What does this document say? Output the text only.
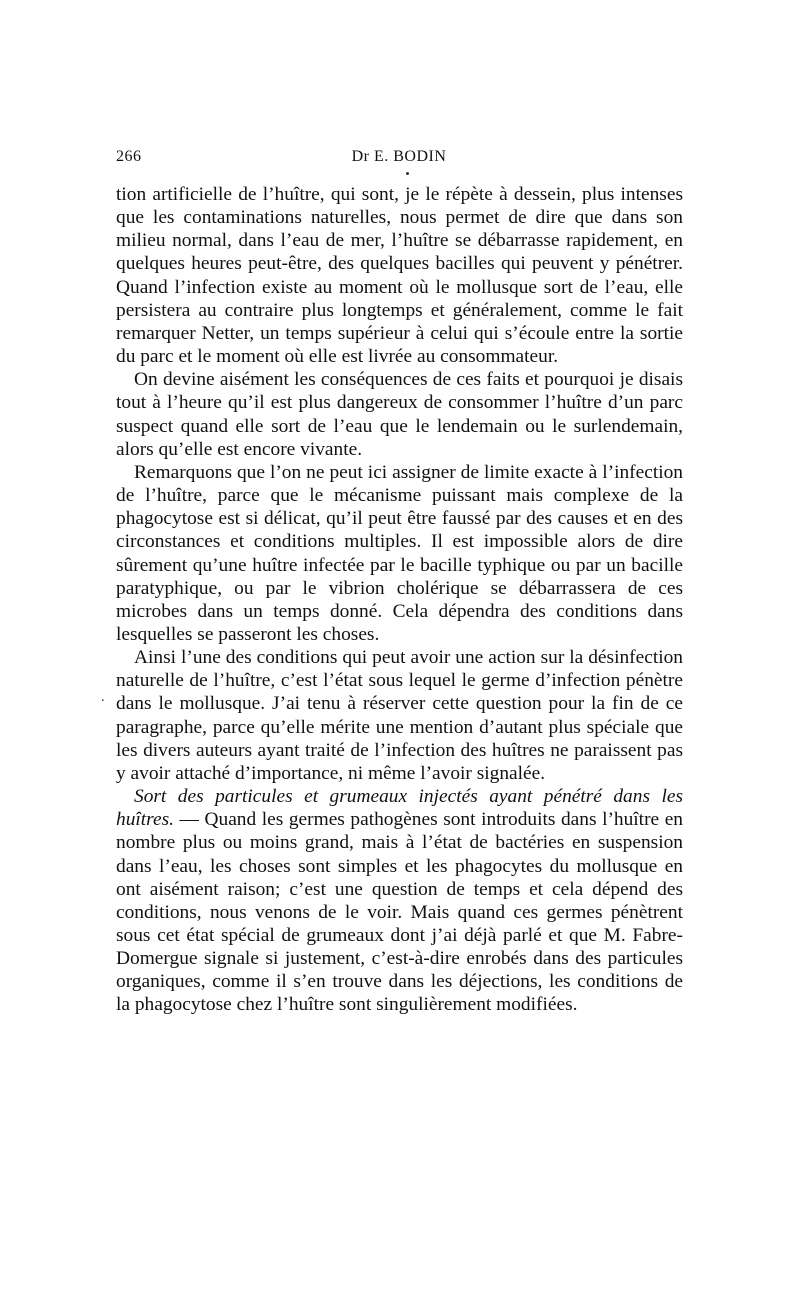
266	Dr E. BODIN
.

tion artificielle de l’huître, qui sont, je le répète à dessein, plus intenses que les contaminations naturelles, nous permet de dire que dans son milieu normal, dans l’eau de mer, l’huître se débarrasse rapidement, en quelques heures peut-être, des quelques bacilles qui peuvent y pénétrer. Quand l’infection existe au moment où le mollusque sort de l’eau, elle persistera au contraire plus longtemps et généralement, comme le fait remarquer Netter, un temps supérieur à celui qui s’écoule entre la sortie du parc et le moment où elle est livrée au consommateur.

On devine aisément les conséquences de ces faits et pourquoi je disais tout à l’heure qu’il est plus dangereux de consommer l’huître d’un parc suspect quand elle sort de l’eau que le lendemain ou le surlendemain, alors qu’elle est encore vivante.

Remarquons que l’on ne peut ici assigner de limite exacte à l’infection de l’huître, parce que le mécanisme puissant mais complexe de la phagocytose est si délicat, qu’il peut être faussé par des causes et en des circonstances et conditions multiples. Il est impossible alors de dire sûrement qu’une huître infectée par le bacille typhique ou par un bacille paratyphique, ou par le vibrion cholérique se débarrassera de ces microbes dans un temps donné. Cela dépendra des conditions dans lesquelles se passeront les choses.

Ainsi l’une des conditions qui peut avoir une action sur la désinfection naturelle de l’huître, c’est l’état sous lequel le germe d’infection pénètre dans le mollusque. J’ai tenu à réserver cette question pour la fin de ce paragraphe, parce qu’elle mérite une mention d’autant plus spéciale que les divers auteurs ayant traité de l’infection des huîtres ne paraissent pas y avoir attaché d’importance, ni même l’avoir signalée.

Sort des particules et grumeaux injectés ayant pénétré dans les huîtres. — Quand les germes pathogènes sont introduits dans l’huître en nombre plus ou moins grand, mais à l’état de bactéries en suspension dans l’eau, les choses sont simples et les phagocytes du mollusque en ont aisément raison; c’est une question de temps et cela dépend des conditions, nous venons de le voir. Mais quand ces germes pénètrent sous cet état spécial de grumeaux dont j’ai déjà parlé et que M. Fabre-Domergue signale si justement, c’est-à-dire enrobés dans des particules organiques, comme il s’en trouve dans les déjections, les conditions de la phagocytose chez l’huître sont singulièrement modifiées.
